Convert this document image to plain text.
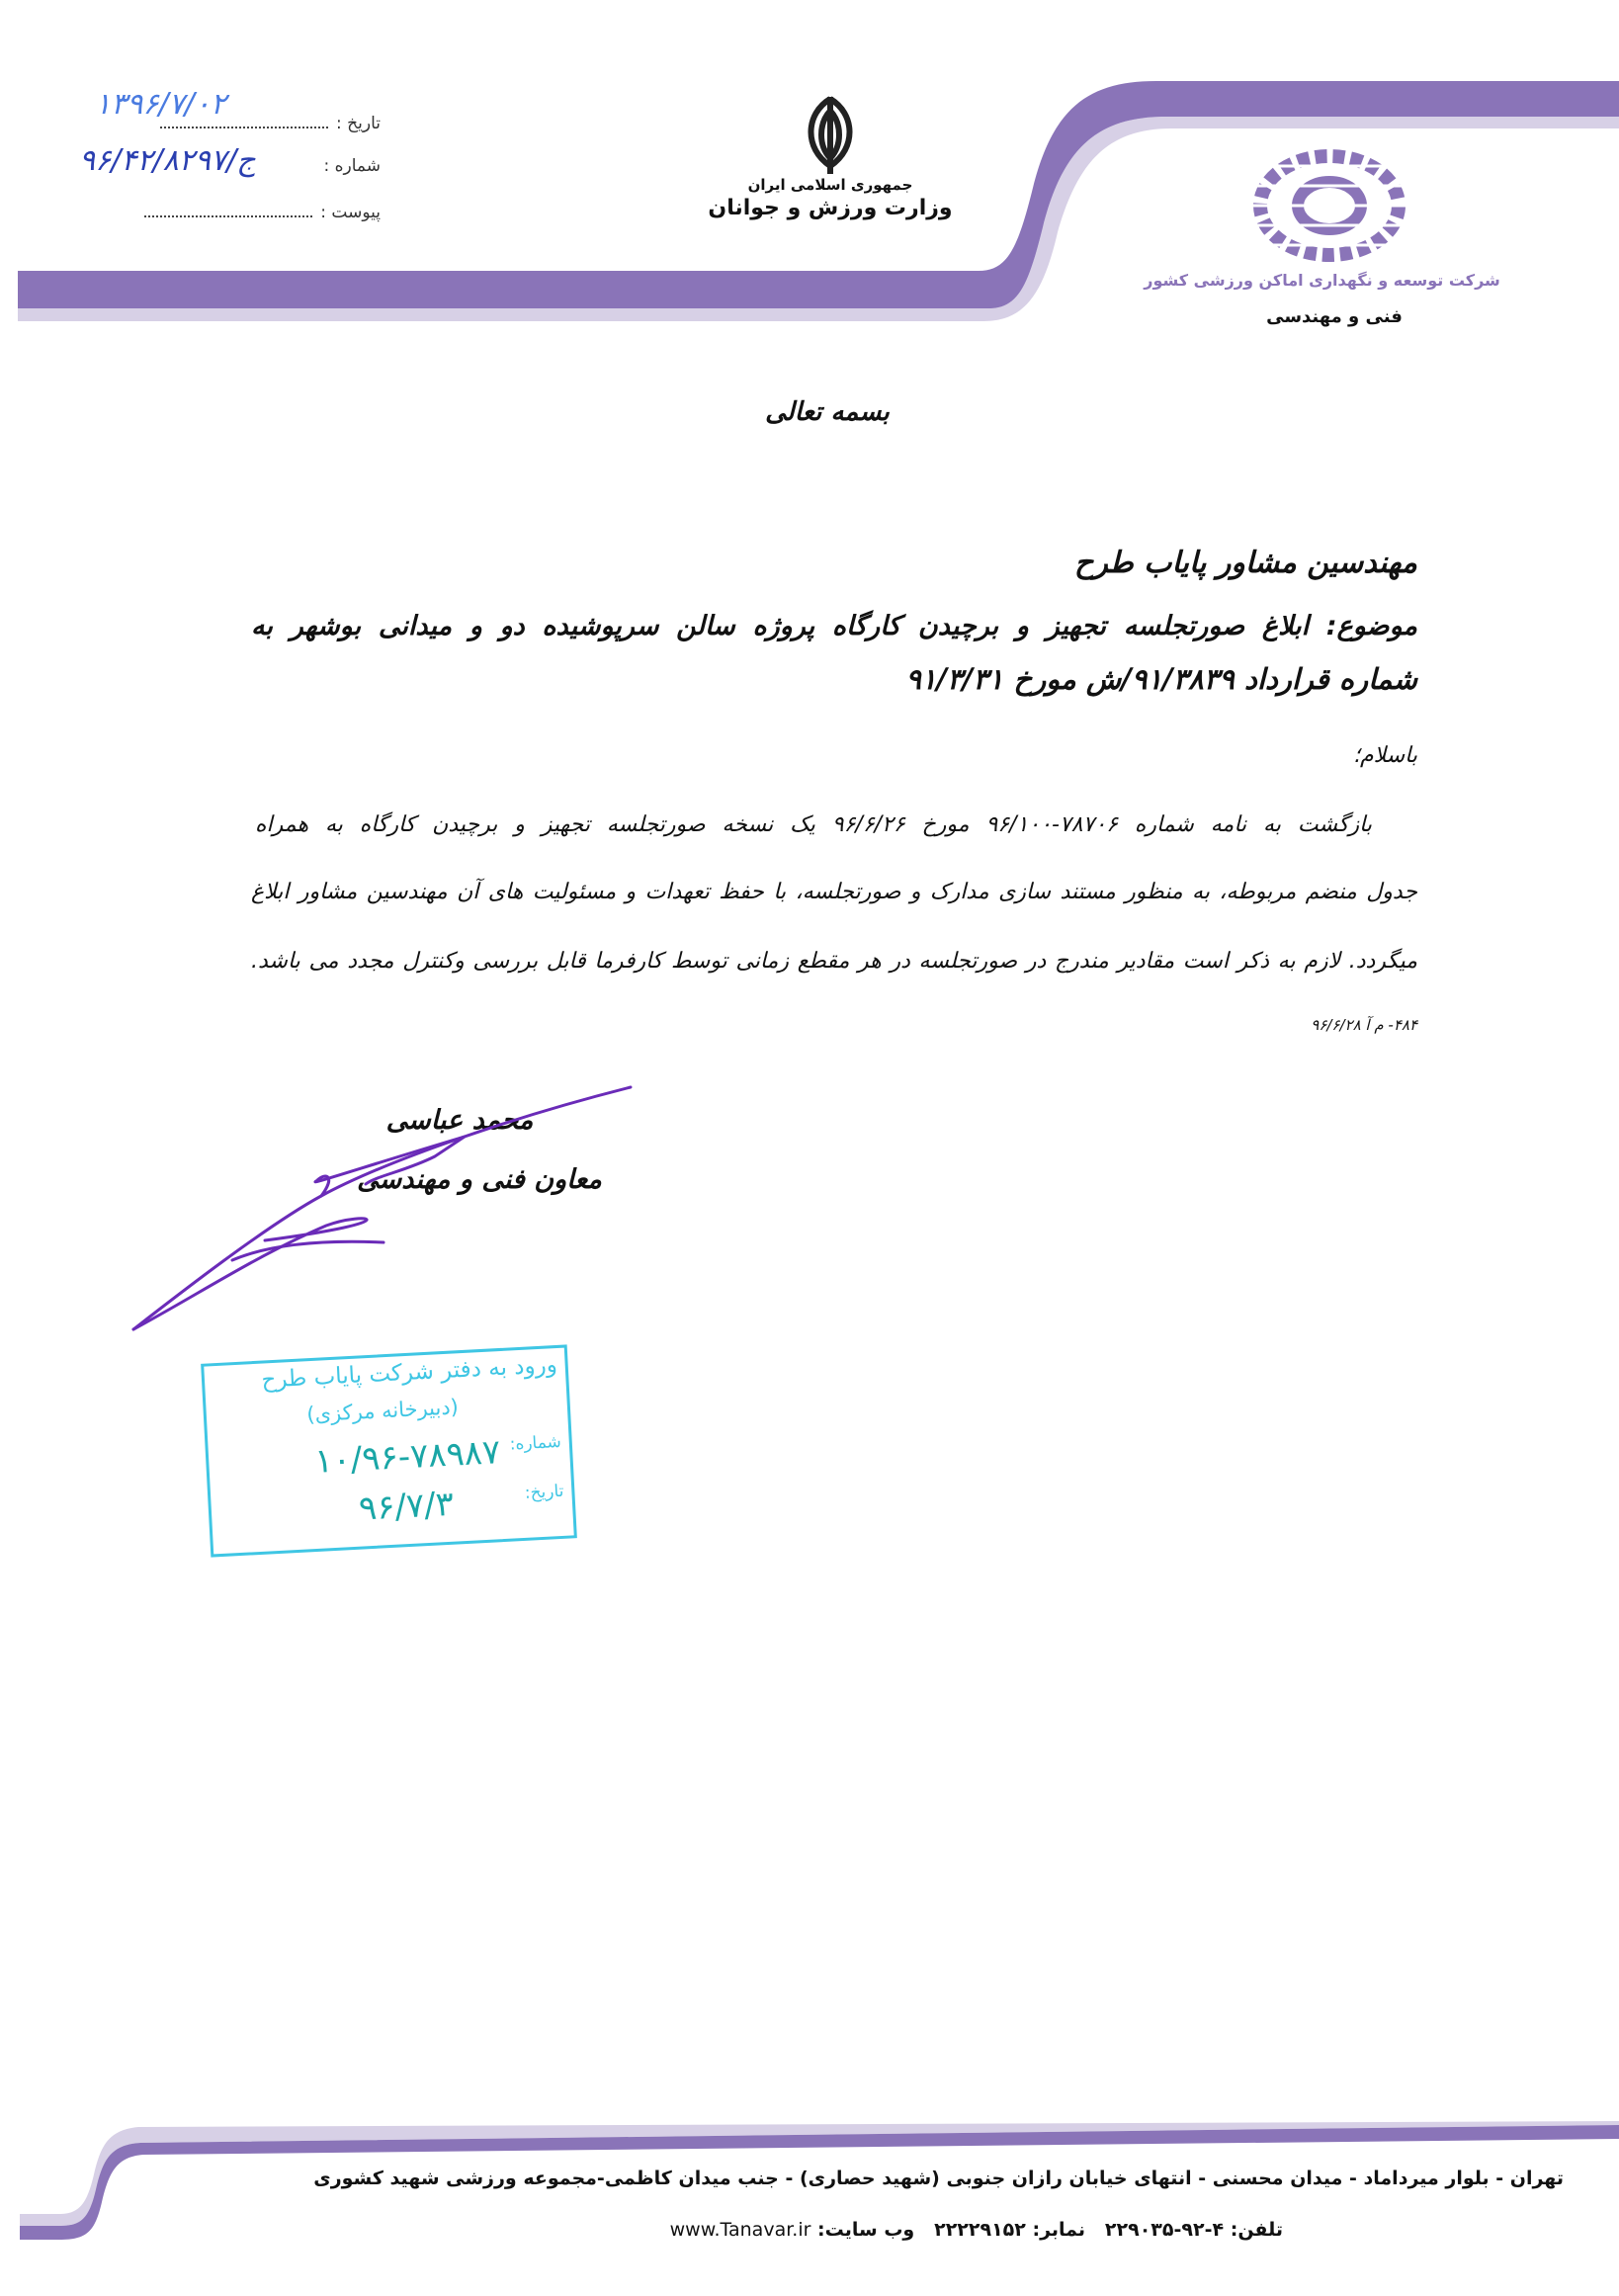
جمهوری اسلامی ایران
وزارت ورزش و جوانان
۱۳۹۶/۷/۰۲
تاریخ :
۹۶/۴۲/۸۲۹۷/ج	شماره :
پیوست :
شرکت توسعه و نگهداری اماکن ورزشی کشور
فنی و مهندسی
بسمه تعالی
مهندسین مشاور پایاب طرح
موضوع: ابلاغ صورتجلسه تجهیز و برچیدن کارگاه پروژه سالن سرپوشیده دو و میدانی بوشهر به
شماره قرارداد ۹۱/۳۸۳۹/ش مورخ ۹۱/۳/۳۱
باسلام؛
بازگشت به نامه شماره ۷۸۷۰۶-۹۶/۱۰۰ مورخ ۹۶/۶/۲۶ یک نسخه صورتجلسه تجهیز و برچیدن کارگاه به همراه
جدول منضم مربوطه، به منظور مستند سازی مدارک و صورتجلسه، با حفظ تعهدات و مسئولیت های آن مهندسین مشاور ابلاغ
میگردد. لازم به ذکر است مقادیر مندرج در صورتجلسه در هر مقطع زمانی توسط کارفرما قابل بررسی وکنترل مجدد می باشد.
۴۸۴- م آ ۹۶/۶/۲۸
محمد عباسی
معاون فنی و مهندسی
ورود به دفتر شرکت پایاب طرح
(دبیرخانه مرکزی)
شماره:
۱۰/۹۶-۷۸۹۸۷
تاریخ:
۹۶/۷/۳
تهران - بلوار میرداماد - میدان محسنی - انتهای خیابان رازان جنوبی (شهید حصاری) - جنب میدان کاظمی-مجموعه ورزشی شهید کشوری
تلفن: ۴-۹۲-۲۲۹۰۳۵   نمابر: ۲۲۲۲۹۱۵۲   وب سایت: www.Tanavar.ir
